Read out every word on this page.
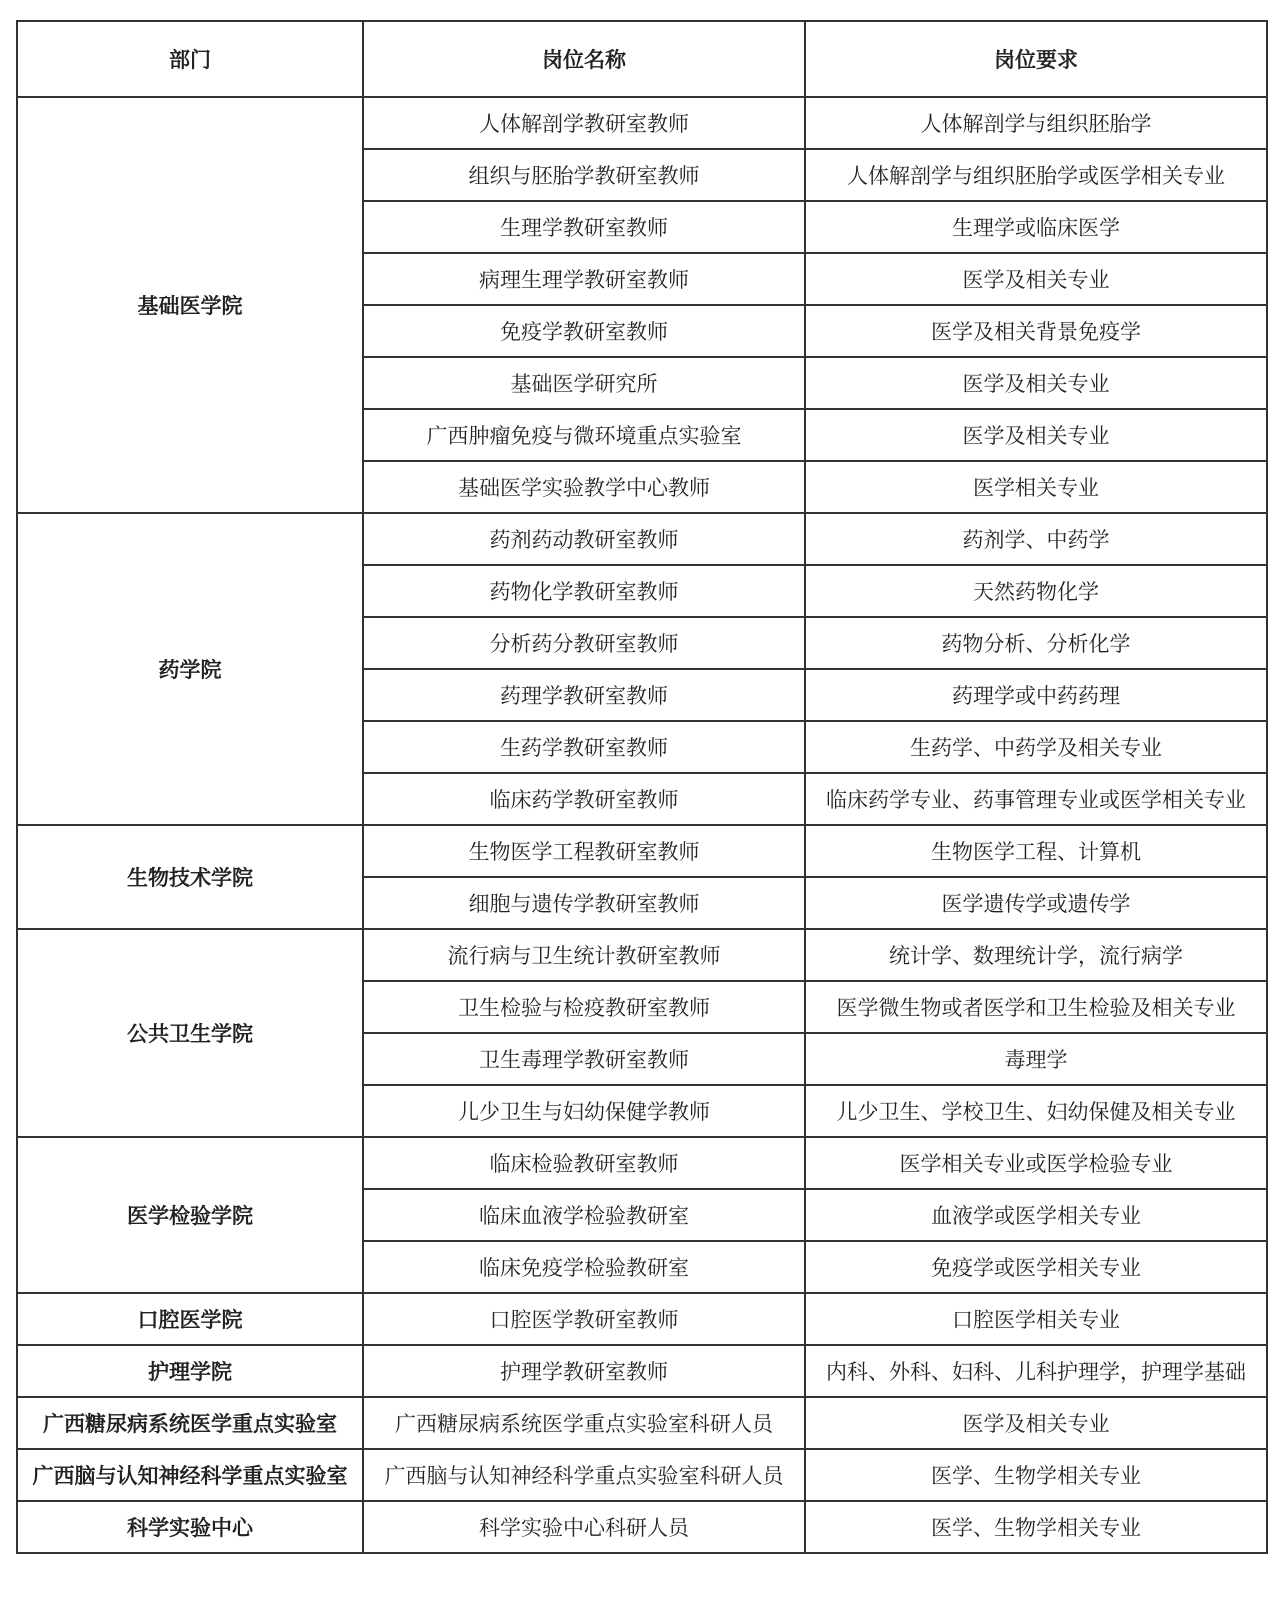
部门	岗位名称	岗位要求
基础医学院	人体解剖学教研室教师	人体解剖学与组织胚胎学
	组织与胚胎学教研室教师	人体解剖学与组织胚胎学或医学相关专业
	生理学教研室教师	生理学或临床医学
	病理生理学教研室教师	医学及相关专业
	免疫学教研室教师	医学及相关背景免疫学
	基础医学研究所	医学及相关专业
	广西肿瘤免疫与微环境重点实验室	医学及相关专业
	基础医学实验教学中心教师	医学相关专业
药学院	药剂药动教研室教师	药剂学、中药学
	药物化学教研室教师	天然药物化学
	分析药分教研室教师	药物分析、分析化学
	药理学教研室教师	药理学或中药药理
	生药学教研室教师	生药学、中药学及相关专业
	临床药学教研室教师	临床药学专业、药事管理专业或医学相关专业
生物技术学院	生物医学工程教研室教师	生物医学工程、计算机
	细胞与遗传学教研室教师	医学遗传学或遗传学
公共卫生学院	流行病与卫生统计教研室教师	统计学、数理统计学，流行病学
	卫生检验与检疫教研室教师	医学微生物或者医学和卫生检验及相关专业
	卫生毒理学教研室教师	毒理学
	儿少卫生与妇幼保健学教师	儿少卫生、学校卫生、妇幼保健及相关专业
医学检验学院	临床检验教研室教师	医学相关专业或医学检验专业
	临床血液学检验教研室	血液学或医学相关专业
	临床免疫学检验教研室	免疫学或医学相关专业
口腔医学院	口腔医学教研室教师	口腔医学相关专业
护理学院	护理学教研室教师	内科、外科、妇科、儿科护理学，护理学基础
广西糖尿病系统医学重点实验室	广西糖尿病系统医学重点实验室科研人员	医学及相关专业
广西脑与认知神经科学重点实验室	广西脑与认知神经科学重点实验室科研人员	医学、生物学相关专业
科学实验中心	科学实验中心科研人员	医学、生物学相关专业
